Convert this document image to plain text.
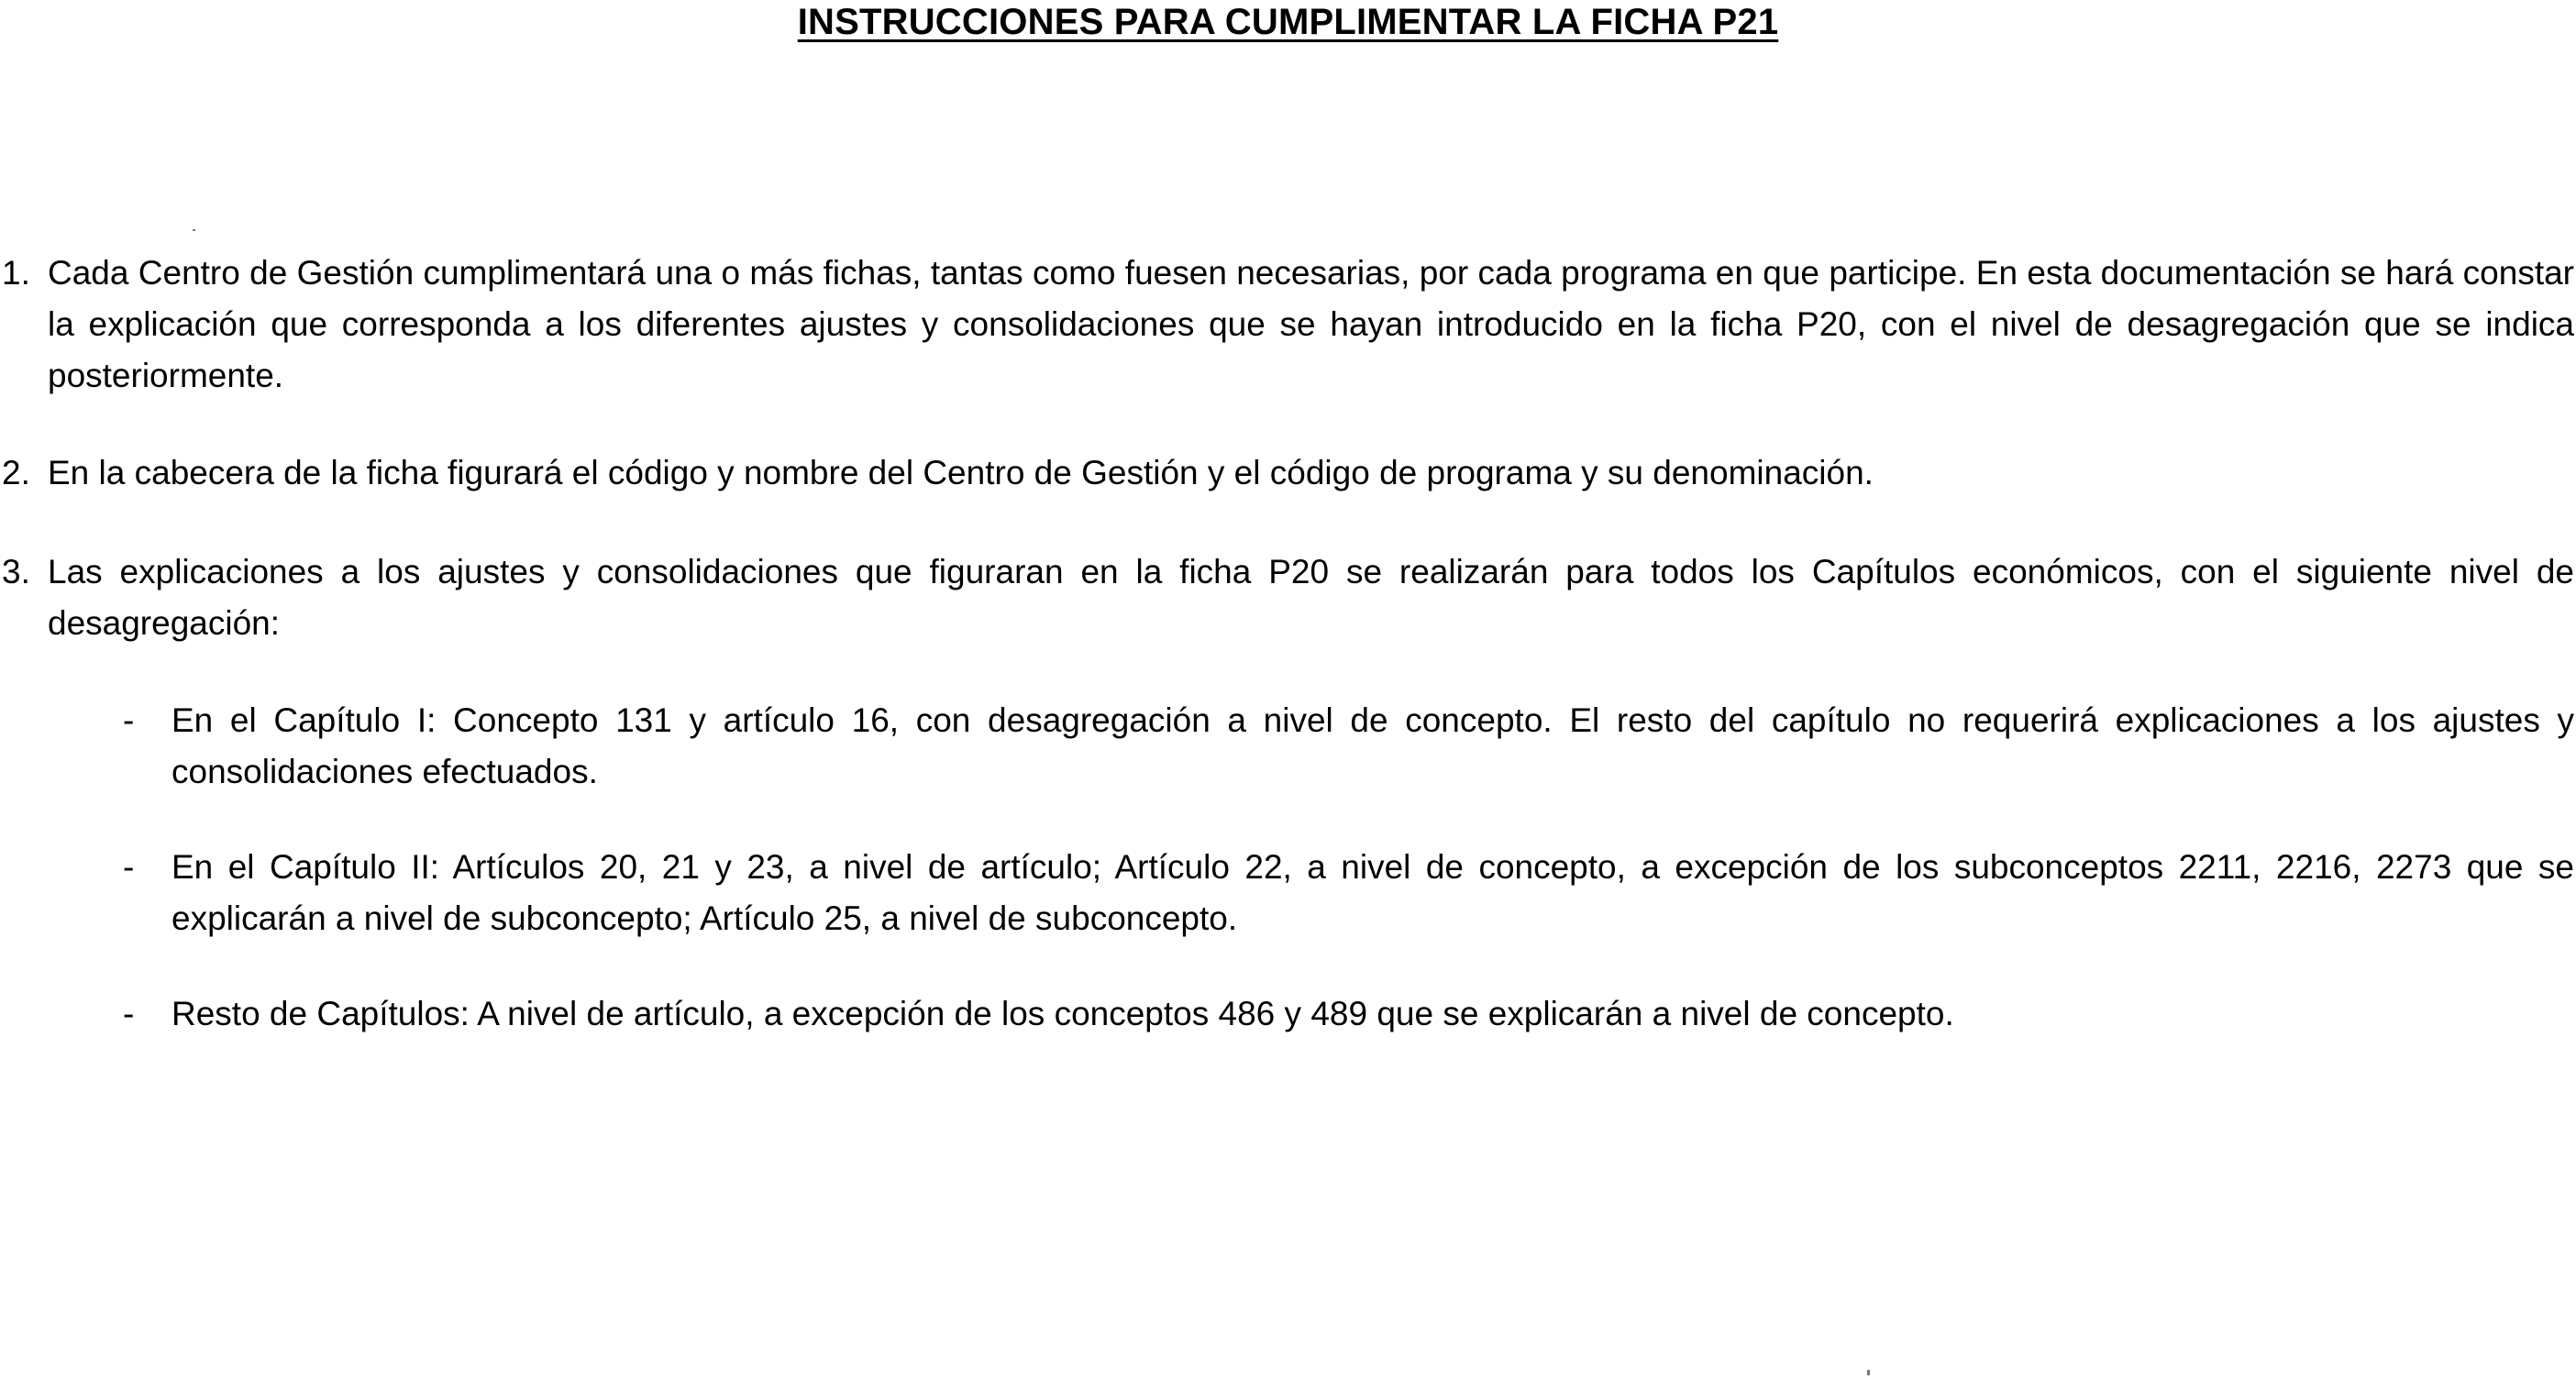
INSTRUCCIONES PARA CUMPLIMENTAR LA FICHA P21
1. Cada Centro de Gestión cumplimentará una o más fichas, tantas como fuesen necesarias, por cada programa en que participe. En esta documentación se hará constar la explicación que corresponda a los diferentes ajustes y consolidaciones que se hayan introducido en la ficha P20, con el nivel de desagregación que se indica posteriormente.
2. En la cabecera de la ficha figurará el código y nombre del Centro de Gestión y el código de programa y su denominación.
3. Las explicaciones a los ajustes y consolidaciones que figuraran en la ficha P20 se realizarán para todos los Capítulos económicos, con el siguiente nivel de desagregación:
- En el Capítulo I: Concepto 131 y artículo 16, con desagregación a nivel de concepto. El resto del capítulo no requerirá explicaciones a los ajustes y consolidaciones efectuados.
- En el Capítulo II: Artículos 20, 21 y 23, a nivel de artículo; Artículo 22, a nivel de concepto, a excepción de los subconceptos 2211, 2216, 2273 que se explicarán a nivel de subconcepto; Artículo 25, a nivel de subconcepto.
- Resto de Capítulos: A nivel de artículo, a excepción de los conceptos 486 y 489 que se explicarán a nivel de concepto.
